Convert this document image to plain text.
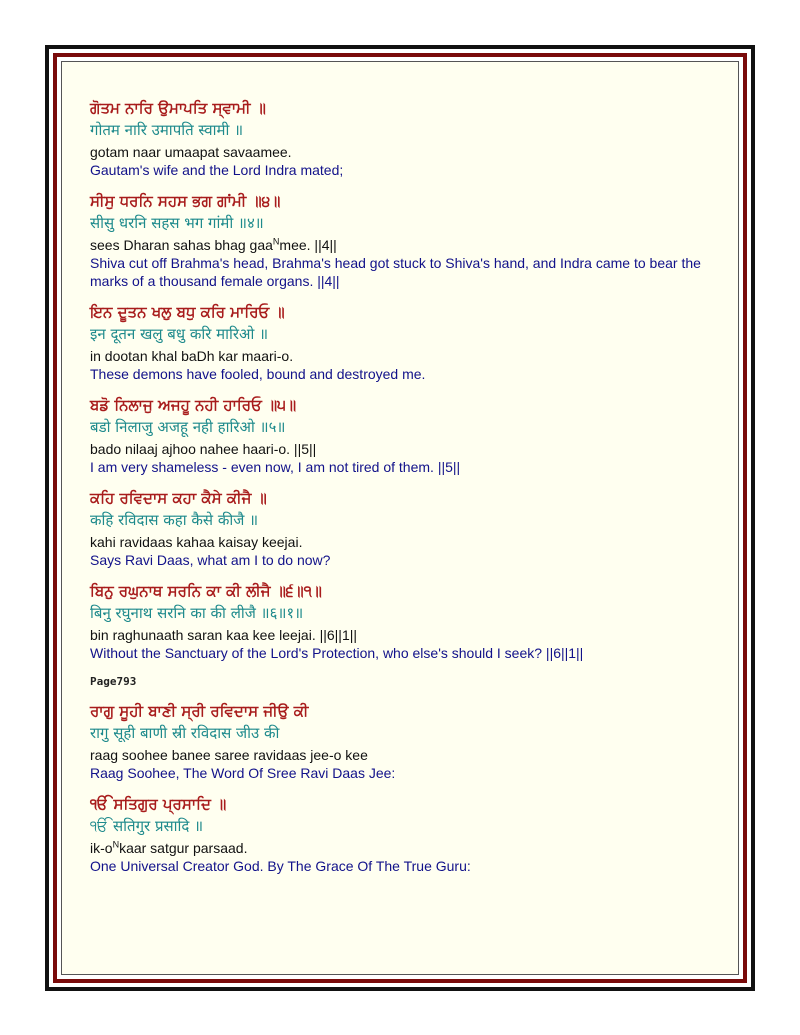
ਗੋਤਮ ਨਾਰਿ ਉਮਾਪਤਿ ਸ੍ਵਾਮੀ ॥
गोतम नारि उमापति स्वामी ॥
gotam naar umaapat savaamee.
Gautam's wife and the Lord Indra mated;
ਸੀਸੁ ਧਰਨਿ ਸਹਸ ਭਗ ਗਾਂਮੀ ॥੪॥
सीसु धरनि सहस भग गांमी ॥४॥
sees Dharan sahas bhag gaa$^N$mee. ||4||
Shiva cut off Brahma's head, Brahma's head got stuck to Shiva's hand, and Indra came to bear the marks of a thousand female organs. ||4||
ਇਨ ਦੂਤਨ ਖਲੁ ਬਧੁ ਕਰਿ ਮਾਰਿਓ ॥
इन दूतन खलु बधु करि मारिओ ॥
in dootan khal baDh kar maari-o.
These demons have fooled, bound and destroyed me.
ਬਡੋ ਨਿਲਾਜੁ ਅਜਹੂ ਨਹੀ ਹਾਰਿਓ ॥੫॥
बडो निलाजु अजहू नही हारिओ ॥५॥
bado nilaaj ajhoo nahee haari-o. ||5||
I am very shameless - even now, I am not tired of them. ||5||
ਕਹਿ ਰਵਿਦਾਸ ਕਹਾ ਕੈਸੇ ਕੀਜੈ ॥
कहि रविदास कहा कैसे कीजै ॥
kahi ravidaas kahaa kaisay keejai.
Says Ravi Daas, what am I to do now?
ਬਿਨੁ ਰਘੁਨਾਥ ਸਰਨਿ ਕਾ ਕੀ ਲੀਜੈ ॥੬॥੧॥
बिनु रघुनाथ सरनि का की लीजै ॥६॥१॥
bin raghunaath saran kaa kee leejai. ||6||1||
Without the Sanctuary of the Lord's Protection, who else's should I seek? ||6||1||
Page793
ਰਾਗੁ ਸੂਹੀ ਬਾਣੀ ਸ੍ਰੀ ਰਵਿਦਾਸ ਜੀਉ ਕੀ
रागु सूही बाणी स्री रविदास जीउ की
raag soohee banee saree ravidaas jee-o kee
Raag Soohee, The Word Of Sree Ravi Daas Jee:
ੴ ਸਤਿਗੁਰ ਪ੍ਰਸਾਦਿ ॥
ੴ सतिगुर प्रसादि ॥
$ik-o^Nkaar$ satgur parsaad.
One Universal Creator God. By The Grace Of The True Guru:
